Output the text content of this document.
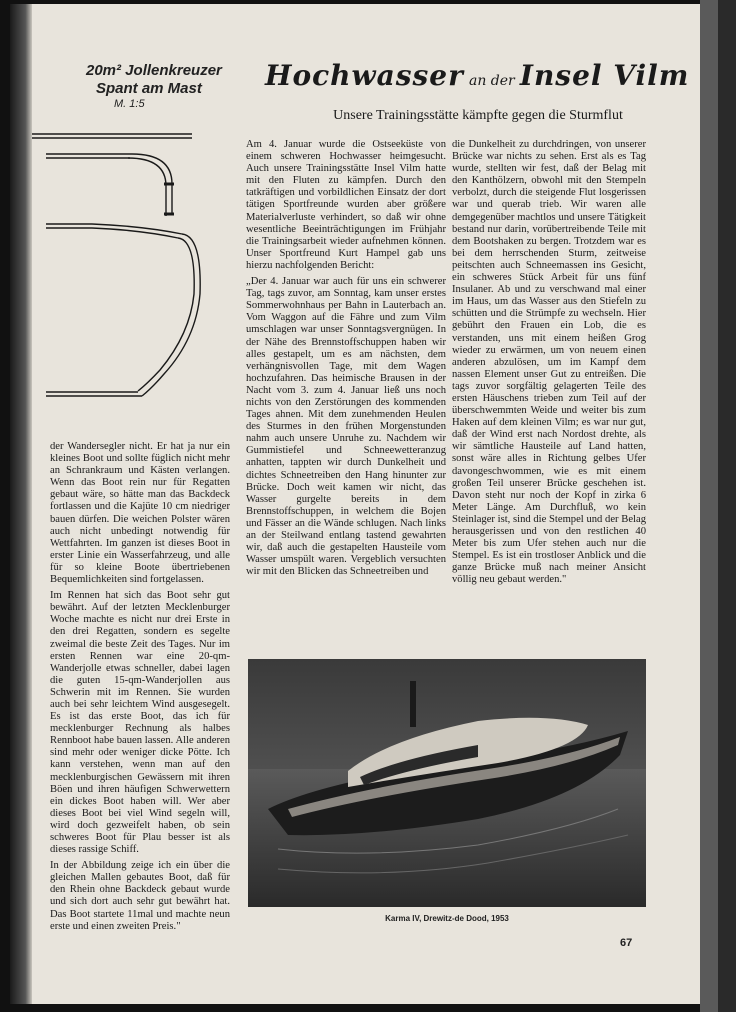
20m² Jollenkreuzer
Spant am Mast
M. 1:5
Hochwasser an der Insel Vilm
Unsere Trainingsstätte kämpfte gegen die Sturmflut

der Wandersegler nicht. Er hat ja nur ein kleines Boot und sollte füglich nicht mehr an Schrankraum und Kästen verlangen. Wenn das Boot rein nur für Regatten gebaut wäre, so hätte man das Backdeck fortlassen und die Kajüte 10 cm niedriger bauen dürfen. Die weichen Polster wären auch nicht unbedingt notwendig für Wettfahrten. Im ganzen ist dieses Boot in erster Linie ein Wasserfahrzeug, und alle für so kleine Boote übertriebenen Bequemlichkeiten sind fortgelassen.

Im Rennen hat sich das Boot sehr gut bewährt. Auf der letzten Mecklenburger Woche machte es nicht nur drei Erste in den drei Regatten, sondern es segelte zweimal die beste Zeit des Tages. Nur im ersten Rennen war eine 20-qm-Wanderjolle etwas schneller, dabei lagen die guten 15-qm-Wanderjollen aus Schwerin mit im Rennen. Sie wurden auch bei sehr leichtem Wind ausgesegelt. Es ist das erste Boot, das ich für mecklenburger Rechnung als halbes Rennboot habe bauen lassen. Alle anderen sind mehr oder weniger dicke Pötte. Ich kann verstehen, wenn man auf den mecklenburgischen Gewässern mit ihren Böen und ihren häufigen Schwerwettern ein dickes Boot haben will. Wer aber dieses Boot bei viel Wind segeln will, wird doch gezweifelt haben, ob sein schweres Boot für Plau besser ist als dieses rassige Schiff.

In der Abbildung zeige ich ein über die gleichen Mallen gebautes Boot, daß für den Rhein ohne Backdeck gebaut wurde und sich dort auch sehr gut bewährt hat. Das Boot startete 11mal und machte neun erste und einen zweiten Preis."

Am 4. Januar wurde die Ostseeküste von einem schweren Hochwasser heimgesucht. Auch unsere Trainingsstätte Insel Vilm hatte mit den Fluten zu kämpfen. Durch den tatkräftigen und vorbildlichen Einsatz der dort tätigen Sportfreunde wurden aber größere Materialverluste verhindert, so daß wir ohne wesentliche Beeinträchtigungen im Frühjahr die Trainingsarbeit wieder aufnehmen können. Unser Sportfreund Kurt Hampel gab uns hierzu nachfolgenden Bericht:

„Der 4. Januar war auch für uns ein schwerer Tag, tags zuvor, am Sonntag, kam unser erstes Sommerwohnhaus per Bahn in Lauterbach an. Vom Waggon auf die Fähre und zum Vilm umschlagen war unser Sonntagsvergnügen. In der Nähe des Brennstoffschuppen haben wir alles gestapelt, um es am nächsten, dem verhängnisvollen Tage, mit dem Wagen hochzufahren. Das heimische Brausen in der Nacht vom 3. zum 4. Januar ließ uns noch nichts von den Zerstörungen des kommenden Tages ahnen. Mit dem zunehmenden Heulen des Sturmes in den frühen Morgenstunden nahm auch unsere Unruhe zu. Nachdem wir Gummistiefel und Schneewetteranzug anhatten, tappten wir durch Dunkelheit und dichtes Schneetreiben den Hang hinunter zur Brücke. Doch weit kamen wir nicht, das Wasser gurgelte bereits in dem Brennstoffschuppen, in welchem die Bojen und Fässer an die Wände schlugen. Nach links an der Steilwand entlang tastend gewahrten wir, daß auch die gestapelten Hausteile vom Wasser umspült waren. Vergeblich versuchten wir mit den Blicken das Schneetreiben und

die Dunkelheit zu durchdringen, von unserer Brücke war nichts zu sehen. Erst als es Tag wurde, stellten wir fest, daß der Belag mit den Kanthölzern, obwohl mit den Stempeln verbolzt, durch die steigende Flut losgerissen war und querab trieb. Wir waren alle demgegenüber machtlos und unsere Tätigkeit bestand nur darin, vorübertreibende Teile mit dem Bootshaken zu bergen. Trotzdem war es bei dem herrschenden Sturm, zeitweise peitschten auch Schneemassen ins Gesicht, ein schweres Stück Arbeit für uns fünf Insulaner. Ab und zu verschwand mal einer im Haus, um das Wasser aus den Stiefeln zu schütten und die Strümpfe zu wechseln. Hier gebührt den Frauen ein Lob, die es verstanden, uns mit einem heißen Grog wieder zu erwärmen, um von neuem einen anderen abzulösen, um im Kampf dem nassen Element unser Gut zu entreißen. Die tags zuvor sorgfältig gelagerten Teile des ersten Häuschens trieben zum Teil auf der überschwemmten Weide und weiter bis zum Haken auf dem kleinen Vilm; es war nur gut, daß der Wind erst nach Nordost drehte, als wir sämtliche Hausteile auf Land hatten, sonst wäre alles in Richtung gelbes Ufer davongeschwommen, wie es mit einem großen Teil unserer Brücke geschehen ist. Davon steht nur noch der Kopf in zirka 6 Meter Länge. Am Durchfluß, wo kein Steinlager ist, sind die Stempel und der Belag herausgerissen und von den restlichen 40 Meter bis zum Ufer stehen auch nur die Stempel. Es ist ein trostloser Anblick und die ganze Brücke muß nach meiner Ansicht völlig neu gebaut werden."

Karma IV, Drewitz-de Dood, 1953
67
